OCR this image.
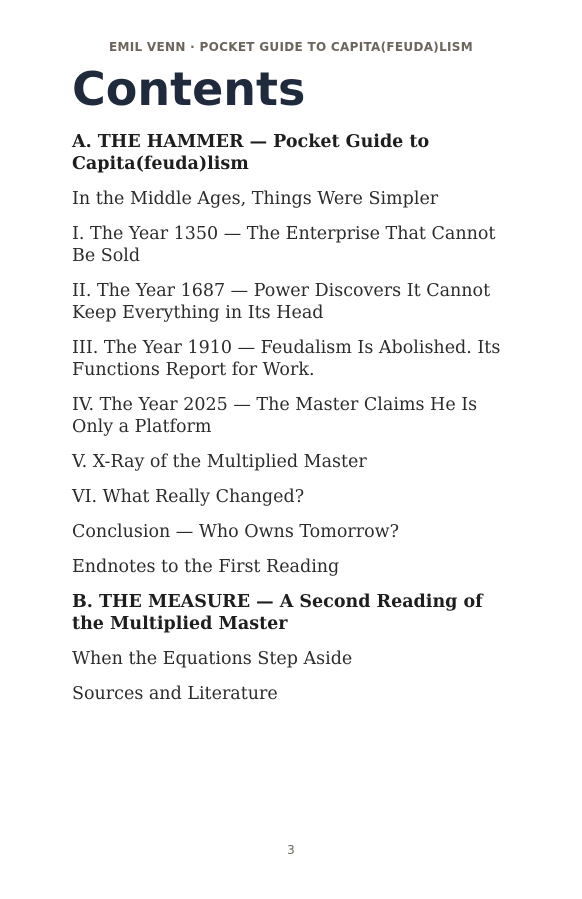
EMIL VENN · POCKET GUIDE TO CAPITA(FEUDA)LISM
Contents
A. THE HAMMER — Pocket Guide to Capita(feuda)lism
In the Middle Ages, Things Were Simpler
I. The Year 1350 — The Enterprise That Cannot Be Sold
II. The Year 1687 — Power Discovers It Cannot Keep Everything in Its Head
III. The Year 1910 — Feudalism Is Abolished. Its Functions Report for Work.
IV. The Year 2025 — The Master Claims He Is Only a Platform
V. X-Ray of the Multiplied Master
VI. What Really Changed?
Conclusion — Who Owns Tomorrow?
Endnotes to the First Reading
B. THE MEASURE — A Second Reading of the Multiplied Master
When the Equations Step Aside
Sources and Literature
3
